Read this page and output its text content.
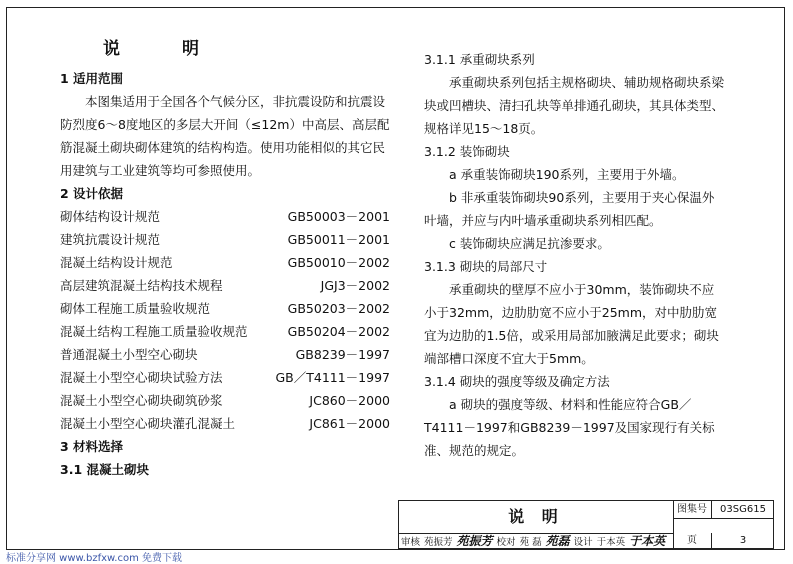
说 明
1 适用范围
本图集适用于全国各个气候分区，非抗震设防和抗震设防烈度6～8度地区的多层大开间（≤12m）中高层、高层配筋混凝土砌块砌体建筑的结构构造。使用功能相似的其它民用建筑与工业建筑等均可参照使用。
2 设计依据
砌体结构设计规范	GB50003－2001
建筑抗震设计规范	GB50011－2001
混凝土结构设计规范	GB50010－2002
高层建筑混凝土结构技术规程	JGJ3－2002
砌体工程施工质量验收规范	GB50203－2002
混凝土结构工程施工质量验收规范	GB50204－2002
普通混凝土小型空心砌块	GB8239－1997
混凝土小型空心砌块试验方法	GB／T4111－1997
混凝土小型空心砌块砌筑砂浆	JC860－2000
混凝土小型空心砌块灌孔混凝土	JC861－2000
3 材料选择
3.1 混凝土砌块
3.1.1 承重砌块系列
承重砌块系列包括主规格砌块、辅助规格砌块系梁块或凹槽块、清扫孔块等单排通孔砌块，其具体类型、规格详见15～18页。
3.1.2 装饰砌块
a 承重装饰砌块190系列，主要用于外墙。
b 非承重装饰砌块90系列，主要用于夹心保温外叶墙，并应与内叶墙承重砌块系列相匹配。
c 装饰砌块应满足抗渗要求。
3.1.3 砌块的局部尺寸
承重砌块的壁厚不应小于30mm，装饰砌块不应小于32mm，边肋肋宽不应小于25mm，对中肋肋宽宜为边肋的1.5倍，或采用局部加腋满足此要求；砌块端部槽口深度不宜大于5mm。
3.1.4 砌块的强度等级及确定方法
a 砌块的强度等级、材料和性能应符合GB／T4111－1997和GB8239－1997及国家现行有关标准、规范的规定。
说 明	图集号	03SG615
审核 苑振芳 苑振芳 校对 苑 磊 苑磊 设计 于本英 于本英	页	3
标准分享网 www.bzfxw.com 免费下载
